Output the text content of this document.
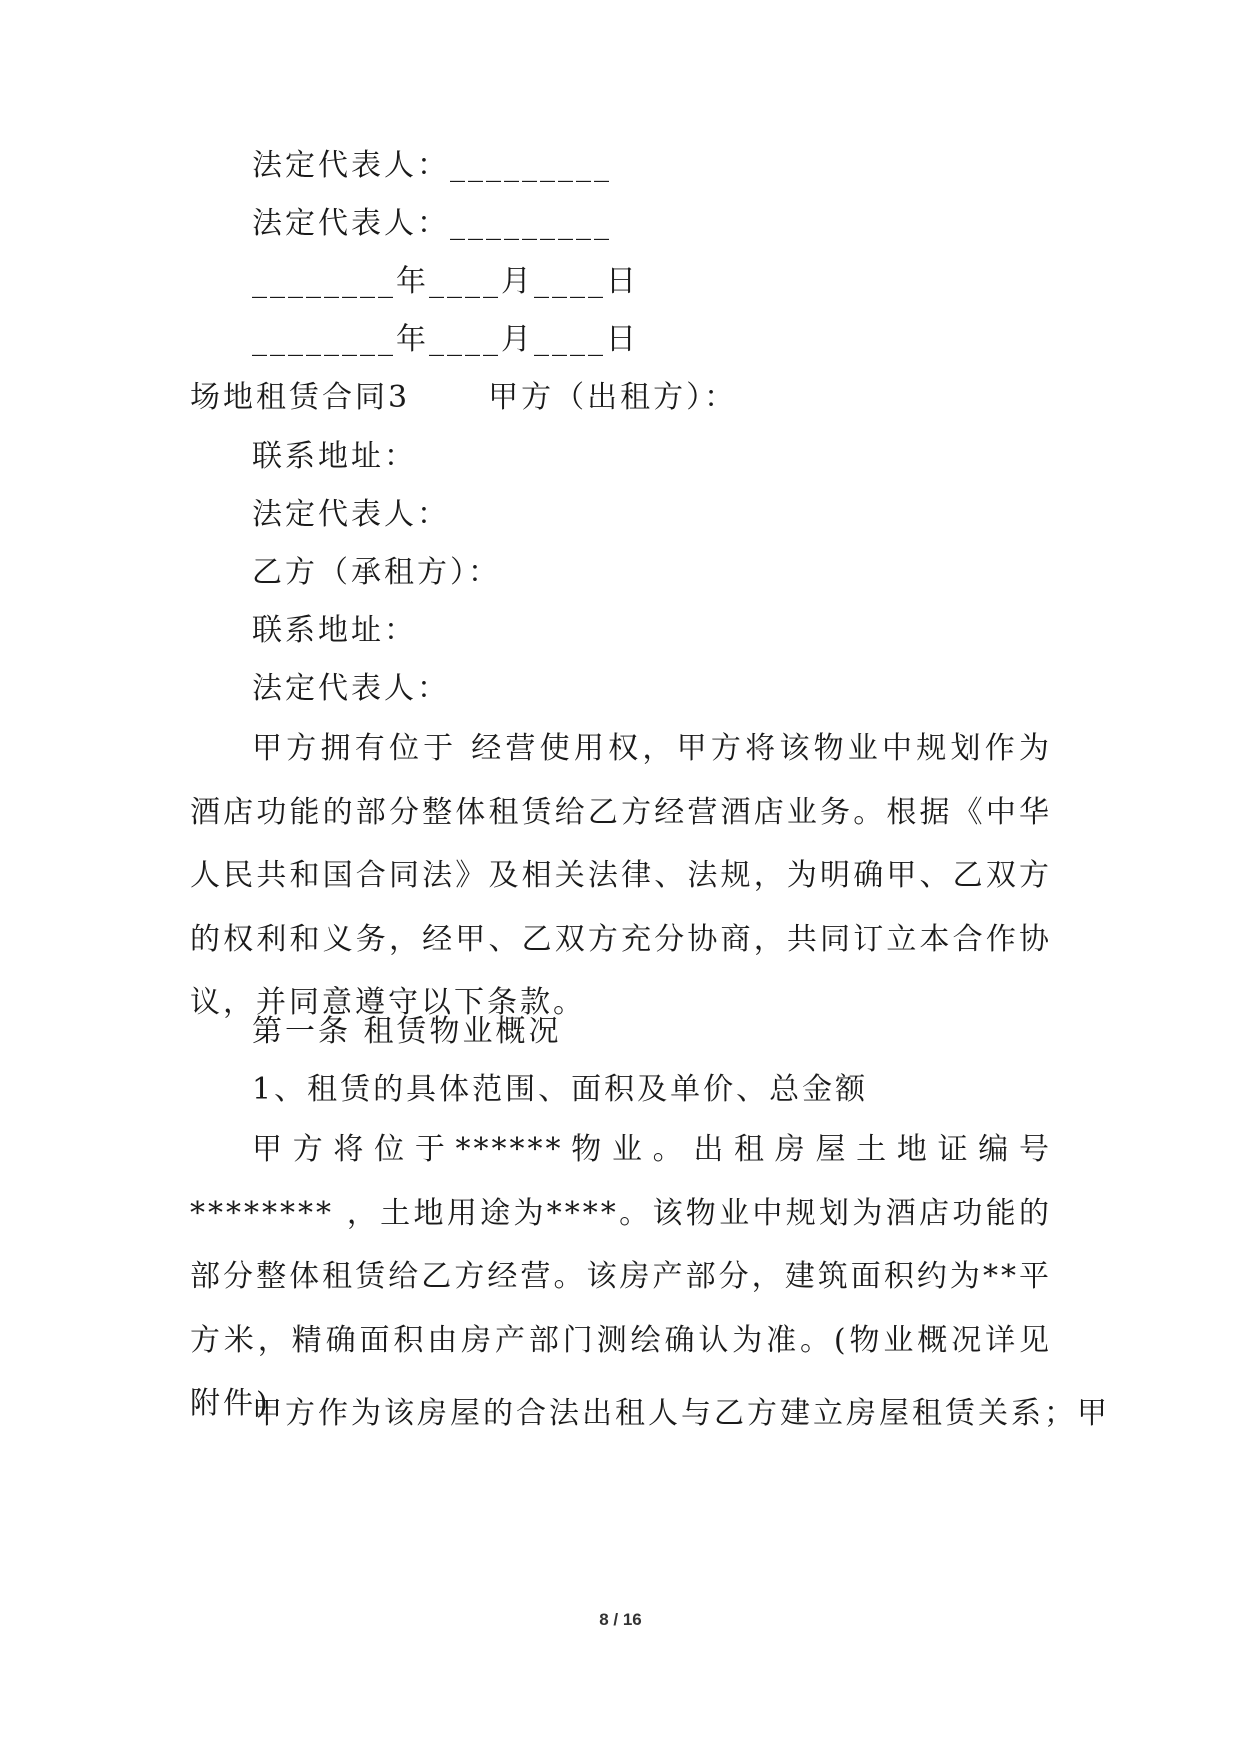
法定代表人：_________
法定代表人：_________
________年____月____日
________年____月____日
场地租赁合同3	甲方（出租方）：
联系地址：
法定代表人：
乙方（承租方）：
联系地址：
法定代表人：

甲方拥有位于 经营使用权，甲方将该物业中规划作为酒店功能的部分整体租赁给乙方经营酒店业务。根据《中华人民共和国合同法》及相关法律、法规，为明确甲、乙双方的权利和义务，经甲、乙双方充分协商，共同订立本合作协议，并同意遵守以下条款。

第一条 租赁物业概况
1、租赁的具体范围、面积及单价、总金额

甲方将位于******物业。出租房屋土地证编号******** ，土地用途为****。该物业中规划为酒店功能的部分整体租赁给乙方经营。该房产部分，建筑面积约为**平方米，精确面积由房产部门测绘确认为准。(物业概况详见附件)

甲方作为该房屋的合法出租人与乙方建立房屋租赁关系；甲
8 / 16
